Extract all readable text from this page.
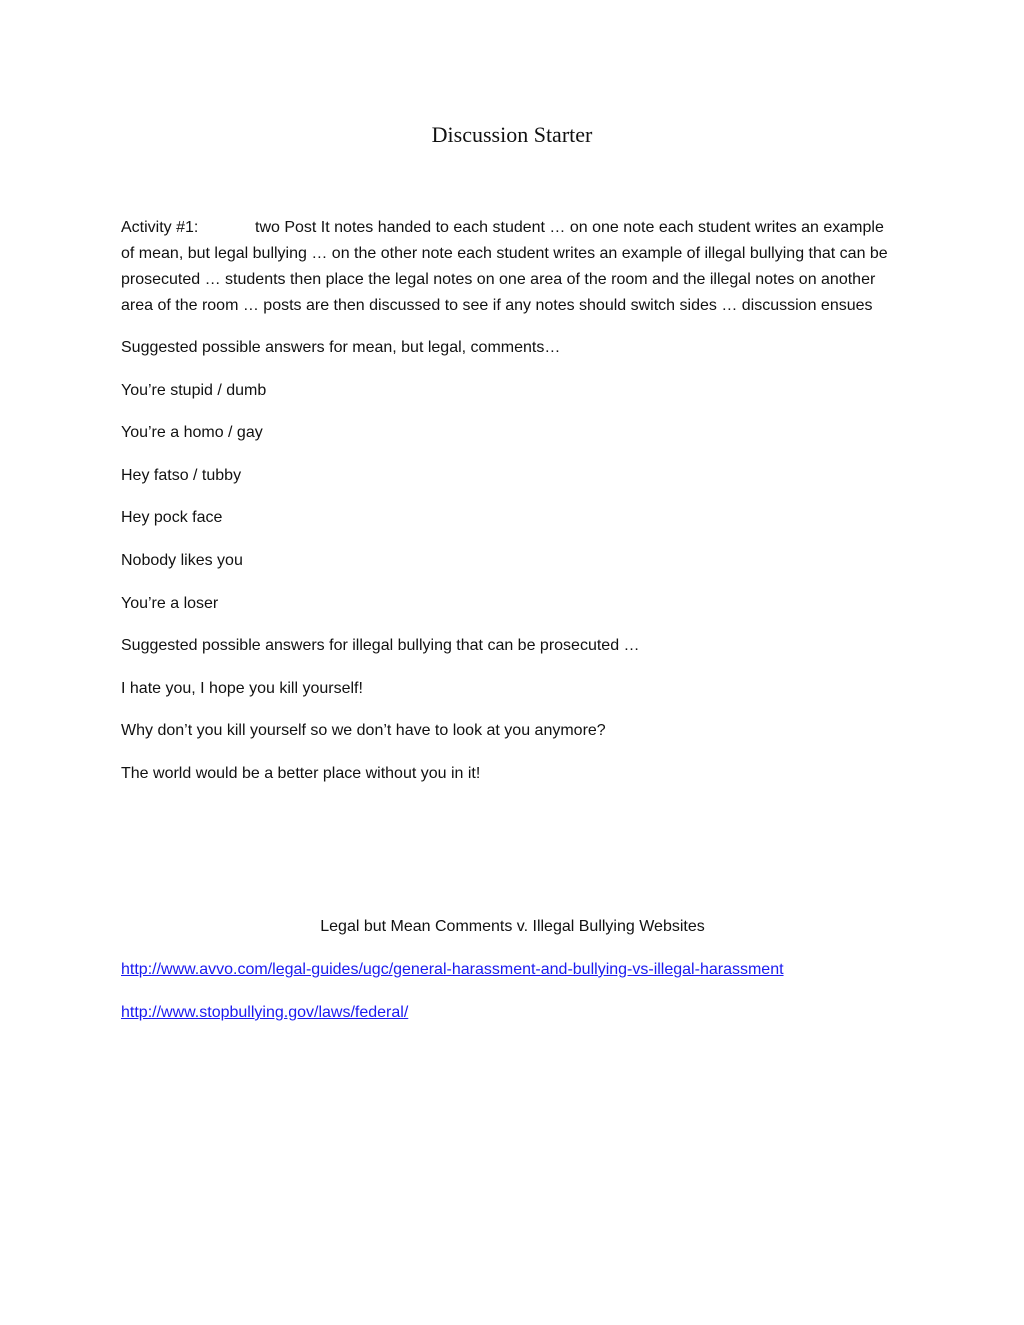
Discussion Starter

Activity #1:	two Post It notes handed to each student … on one note each student writes an example of mean, but legal bullying … on the other note each student writes an example of illegal bullying that can be prosecuted … students then place the legal notes on one area of the room and the illegal notes on another area of the room … posts are then discussed to see if any notes should switch sides … discussion ensues

Suggested possible answers for mean, but legal, comments…
You’re stupid / dumb
You’re a homo / gay
Hey fatso / tubby
Hey pock face
Nobody likes you
You’re a loser
Suggested possible answers for illegal bullying that can be prosecuted …
I hate you, I hope you kill yourself!
Why don’t you kill yourself so we don’t have to look at you anymore?
The world would be a better place without you in it!
Legal but Mean Comments v. Illegal Bullying Websites
http://www.avvo.com/legal-guides/ugc/general-harassment-and-bullying-vs-illegal-harassment
http://www.stopbullying.gov/laws/federal/
